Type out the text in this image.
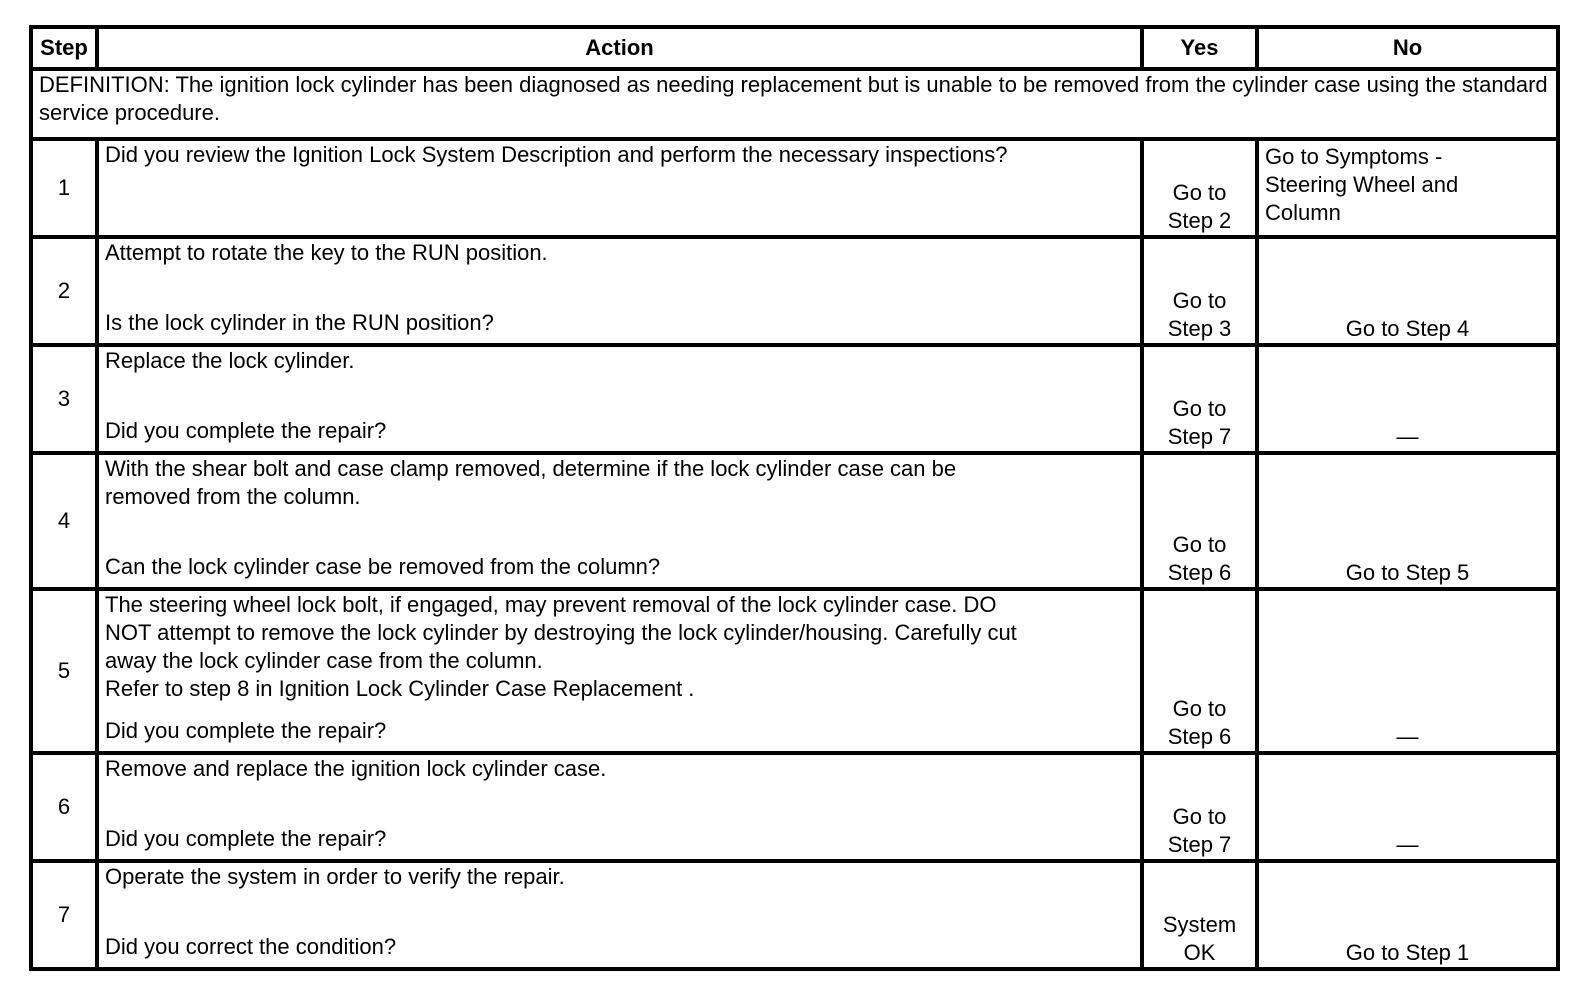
Step	Action	Yes	No
DEFINITION: The ignition lock cylinder has been diagnosed as needing replacement but is unable to be removed from the cylinder case using the standard service procedure.			
1	Did you review the Ignition Lock System Description and perform the necessary inspections?	Go to
Step 2	Go to Symptoms -
Steering Wheel and
Column

2	Attempt to rotate the key to the RUN position.
Is the lock cylinder in the RUN position?	Go to
Step 3	Go to Step 4

3	Replace the lock cylinder.
Did you complete the repair?	Go to
Step 7	—

4	With the shear bolt and case clamp removed, determine if the lock cylinder case can be
removed from the column.
Can the lock cylinder case be removed from the column?	Go to
Step 6	Go to Step 5

5	The steering wheel lock bolt, if engaged, may prevent removal of the lock cylinder case. DO
NOT attempt to remove the lock cylinder by destroying the lock cylinder/housing. Carefully cut
away the lock cylinder case from the column.
Refer to step 8 in Ignition Lock Cylinder Case Replacement .
Did you complete the repair?	Go to
Step 6	—

6	Remove and replace the ignition lock cylinder case.
Did you complete the repair?	Go to
Step 7	—

7	Operate the system in order to verify the repair.
Did you correct the condition?	System
OK	Go to Step 1
